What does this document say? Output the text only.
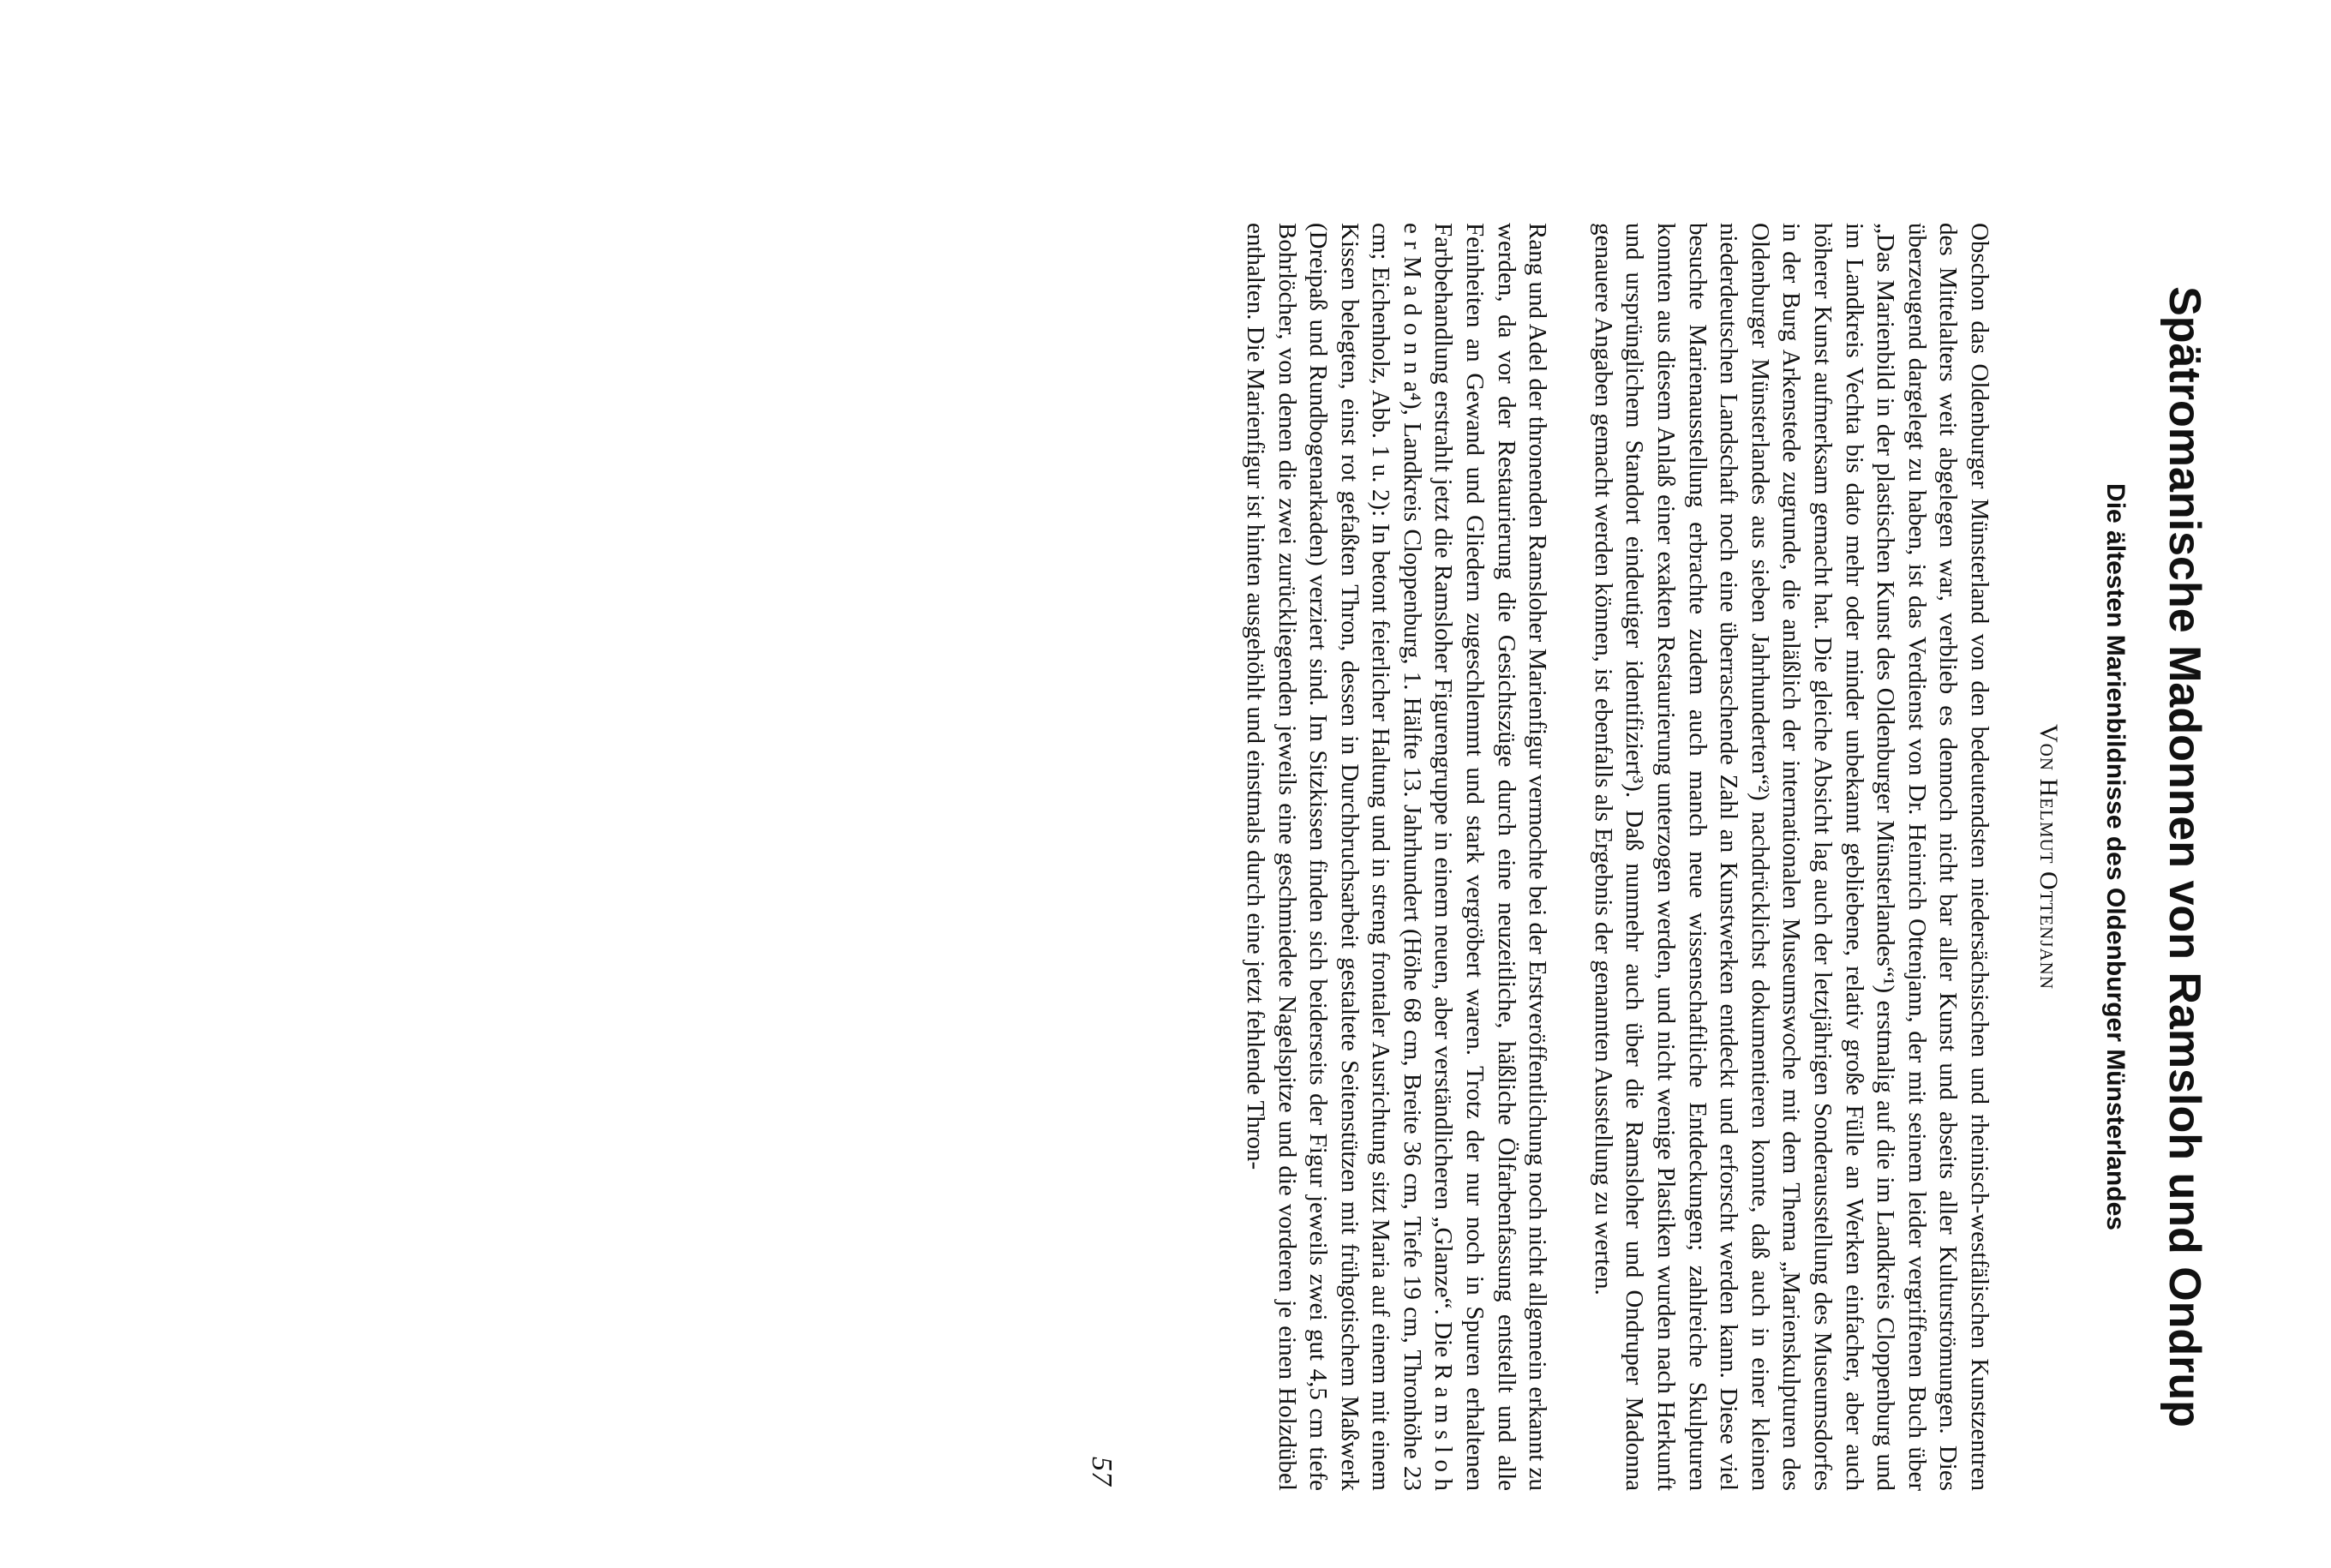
Spätromanische Madonnen von Ramsloh und Ondrup
Die ältesten Marienbildnisse des Oldenburger Münsterlandes
Von Helmut Ottenjann

Obschon das Oldenburger Münsterland von den bedeutendsten niedersächsischen und rheinisch-westfälischen Kunstzentren des Mittelalters weit abgelegen war, verblieb es dennoch nicht bar aller Kunst und abseits aller Kulturströmungen. Dies überzeugend dargelegt zu haben, ist das Verdienst von Dr. Heinrich Ottenjann, der mit seinem leider vergriffenen Buch über „Das Marienbild in der plastischen Kunst des Oldenburger Münsterlandes“¹) erstmalig auf die im Landkreis Cloppenburg und im Landkreis Vechta bis dato mehr oder minder unbekannt gebliebene, relativ große Fülle an Werken einfacher, aber auch höherer Kunst aufmerksam gemacht hat. Die gleiche Absicht lag auch der letztjährigen Sonderausstellung des Museumsdorfes in der Burg Arkenstede zugrunde, die anläßlich der internationalen Museumswoche mit dem Thema „Marienskulpturen des Oldenburger Münsterlandes aus sieben Jahrhunderten“²) nachdrücklichst dokumentieren konnte, daß auch in einer kleinen niederdeutschen Landschaft noch eine überraschende Zahl an Kunstwerken entdeckt und erforscht werden kann. Diese viel besuchte Marienausstellung erbrachte zudem auch manch neue wissenschaftliche Entdeckungen; zahlreiche Skulpturen konnten aus diesem Anlaß einer exakten Restaurierung unterzogen werden, und nicht wenige Plastiken wurden nach Herkunft und ursprünglichem Standort eindeutiger identifiziert³). Daß nunmehr auch über die Ramsloher und Ondruper Madonna genauere Angaben gemacht werden können, ist ebenfalls als Ergebnis der genannten Ausstellung zu werten.

Rang und Adel der thronenden Ramsloher Marienfigur vermochte bei der Erstveröffentlichung noch nicht allgemein erkannt zu werden, da vor der Restaurierung die Gesichtszüge durch eine neuzeitliche, häßliche Ölfarbenfassung entstellt und alle Feinheiten an Gewand und Gliedern zugeschlemmt und stark vergröbert waren. Trotz der nur noch in Spuren erhaltenen Farbbehandlung erstrahlt jetzt die Ramsloher Figurengruppe in einem neuen, aber verständlicheren „Glanze“. Die R a m s l o h e r M a d o n n a⁴), Landkreis Cloppenburg, 1. Hälfte 13. Jahrhundert (Höhe 68 cm, Breite 36 cm, Tiefe 19 cm, Thronhöhe 23 cm; Eichenholz, Abb. 1 u. 2): In betont feierlicher Haltung und in streng frontaler Ausrichtung sitzt Maria auf einem mit einem Kissen belegten, einst rot gefaßten Thron, dessen in Durchbruchsarbeit gestaltete Seitenstützen mit frühgotischem Maßwerk (Dreipaß und Rundbogenarkaden) verziert sind. Im Sitzkissen finden sich beiderseits der Figur jeweils zwei gut 4,5 cm tiefe Bohrlöcher, von denen die zwei zurückliegenden jeweils eine geschmiedete Nagelspitze und die vorderen je einen Holzdübel enthalten. Die Marienfigur ist hinten ausgehöhlt und einstmals durch eine jetzt fehlende Thron-

57
